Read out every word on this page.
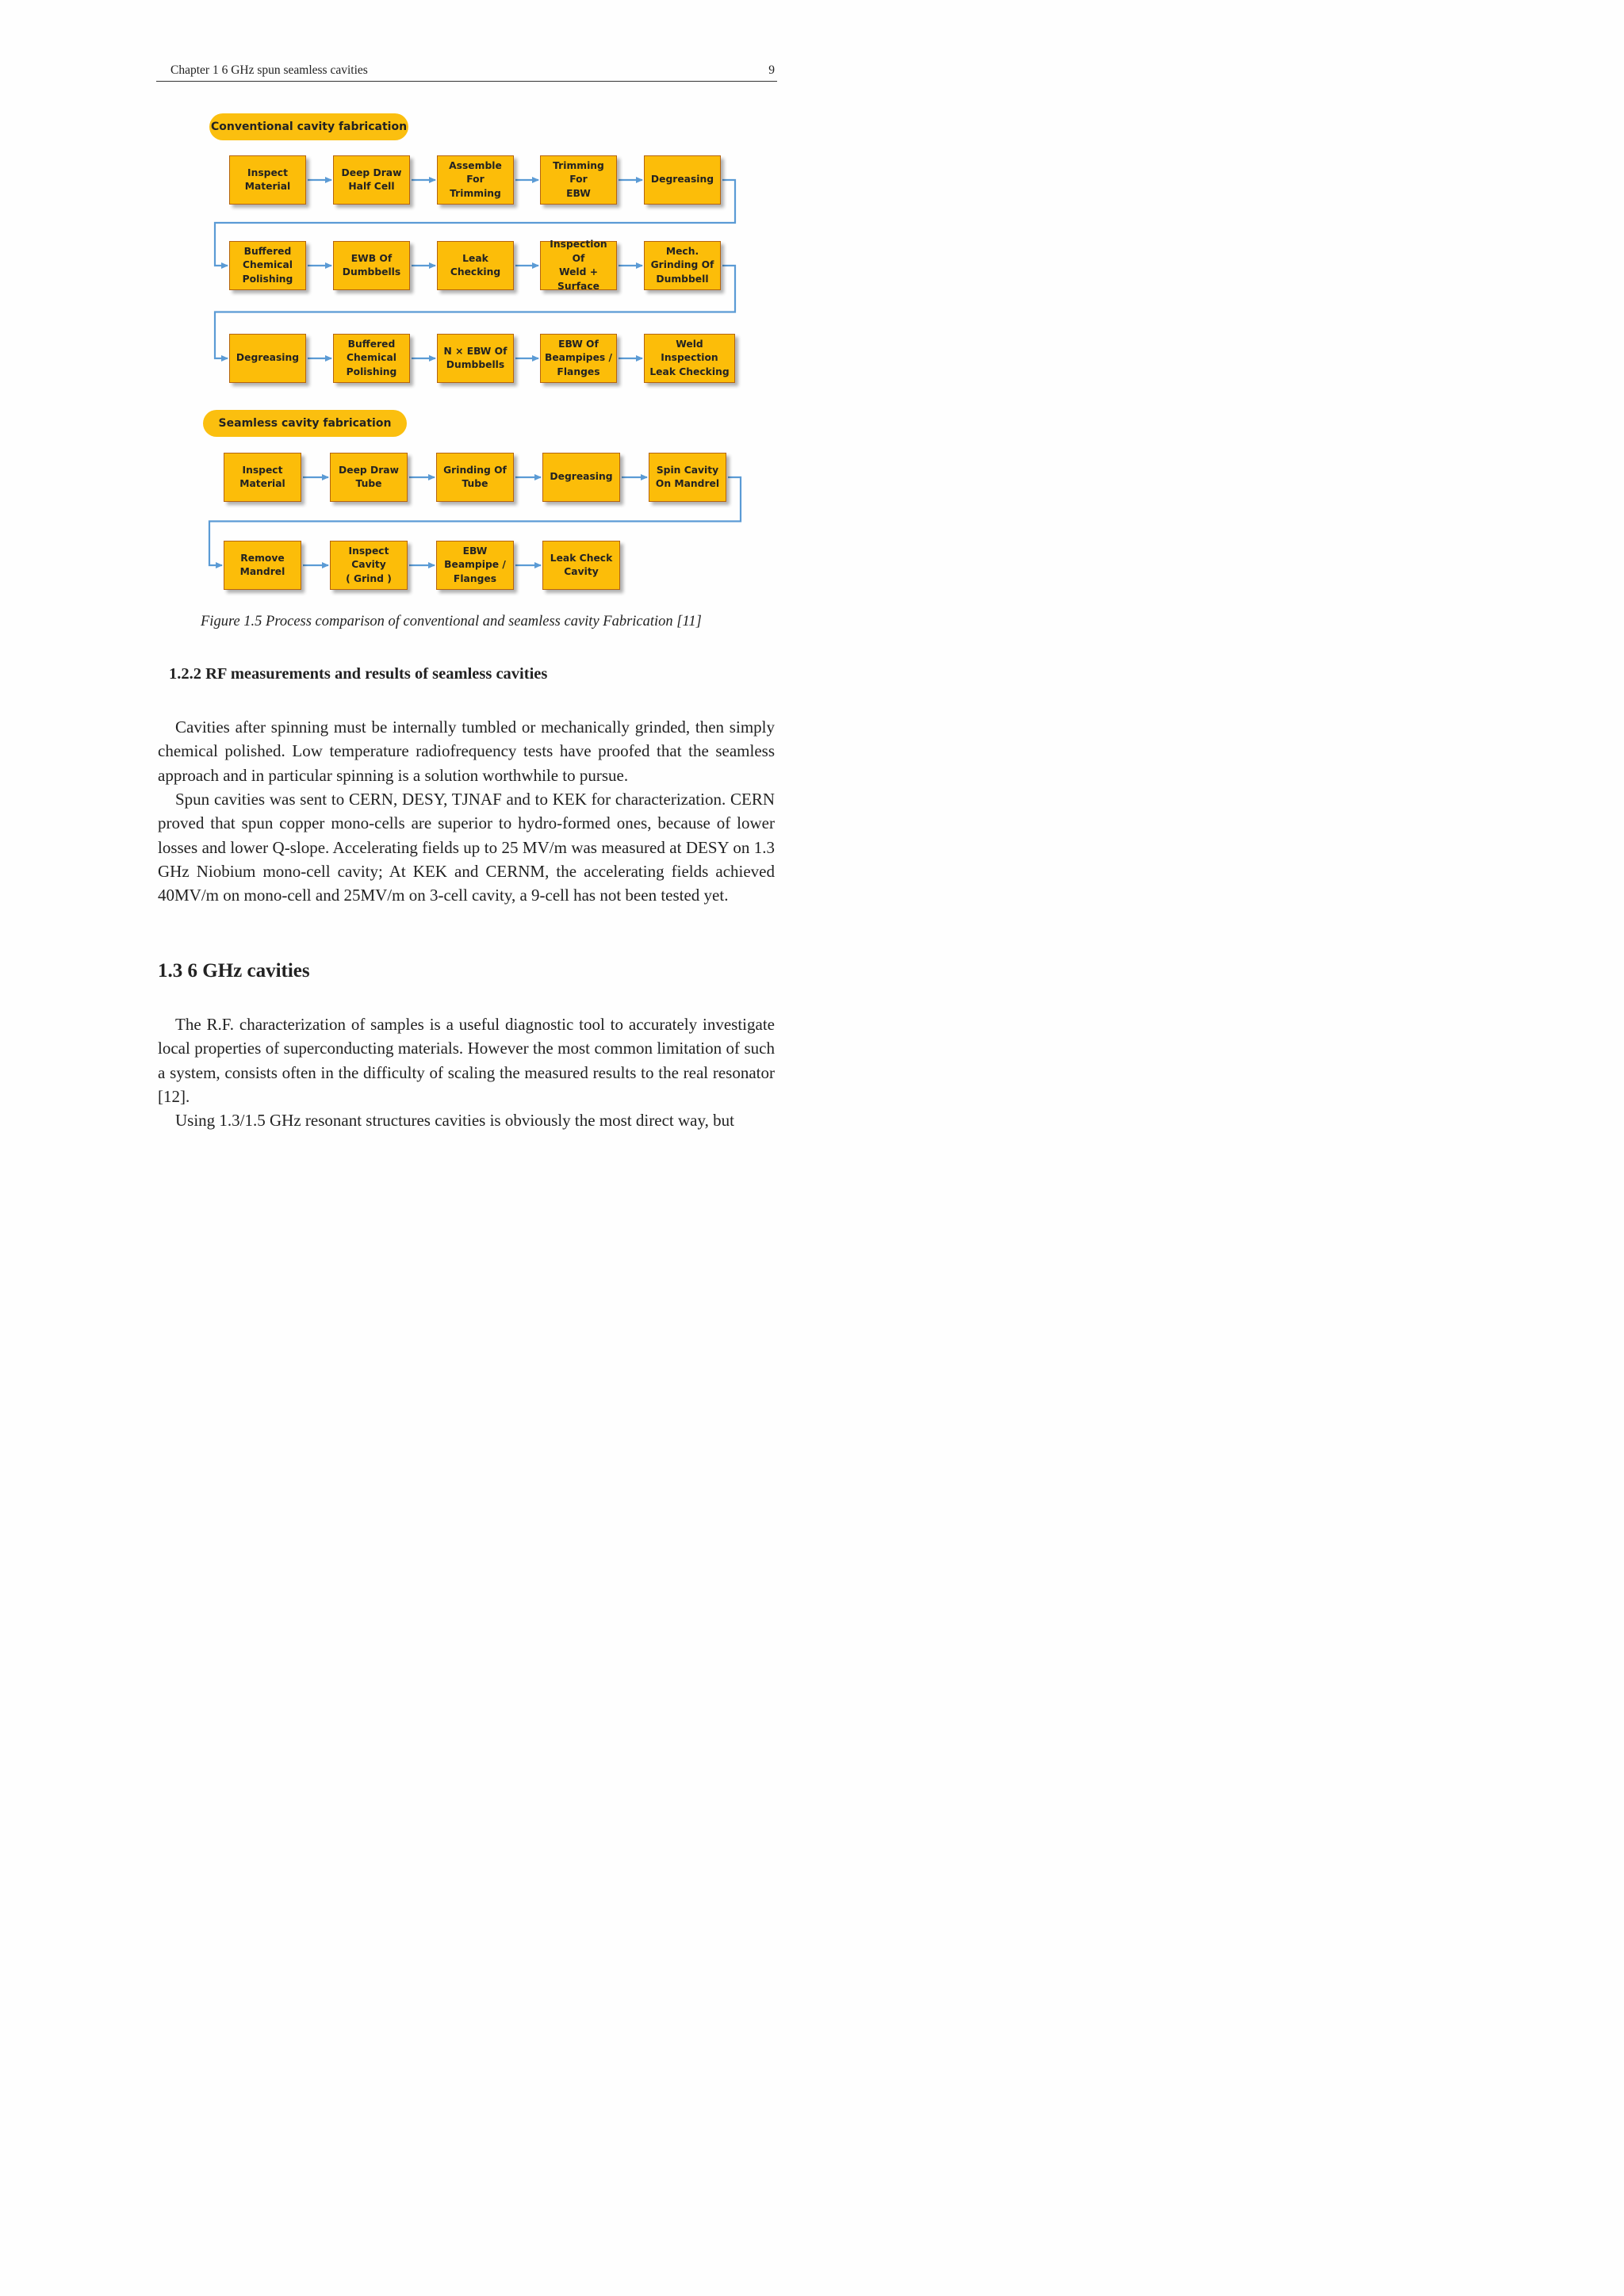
Chapter 1 6 GHz spun seamless cavities	9
Conventional cavity fabrication
Seamless cavity fabrication
Inspect
Material
Deep Draw
Half Cell
Assemble For
Trimming
Trimming For
EBW
Degreasing
Buffered
Chemical
Polishing
EWB Of
Dumbbells
Leak
Checking
Inspection Of
Weld +
Surface
Mech.
Grinding Of
Dumbbell
Degreasing
Buffered
Chemical
Polishing
N × EBW Of
Dumbbells
EBW Of
Beampipes /
Flanges
Weld Inspection
Leak Checking
Inspect
Material
Deep Draw
Tube
Grinding Of
Tube
Degreasing
Spin Cavity
On Mandrel
Remove
Mandrel
Inspect Cavity
( Grind )
EBW
Beampipe /
Flanges
Leak Check
Cavity
Figure 1.5 Process comparison of conventional and seamless cavity Fabrication [11]
1.2.2 RF measurements and results of seamless cavities
Cavities after spinning must be internally tumbled or mechanically grinded, then simply chemical polished. Low temperature radiofrequency tests have proofed that the seamless approach and in particular spinning is a solution worthwhile to pursue.
Spun cavities was sent to CERN, DESY, TJNAF and to KEK for characterization. CERN proved that spun copper mono-cells are superior to hydro-formed ones, because of lower losses and lower Q-slope. Accelerating fields up to 25 MV/m was measured at DESY on 1.3 GHz Niobium mono-cell cavity; At KEK and CERNM, the accelerating fields achieved 40MV/m on mono-cell and 25MV/m on 3-cell cavity, a 9-cell has not been tested yet.
1.3 6 GHz cavities
The R.F. characterization of samples is a useful diagnostic tool to accurately investigate local properties of superconducting materials. However the most common limitation of such a system, consists often in the difficulty of scaling the measured results to the real resonator [12].
Using 1.3/1.5 GHz resonant structures cavities is obviously the most direct way, but
